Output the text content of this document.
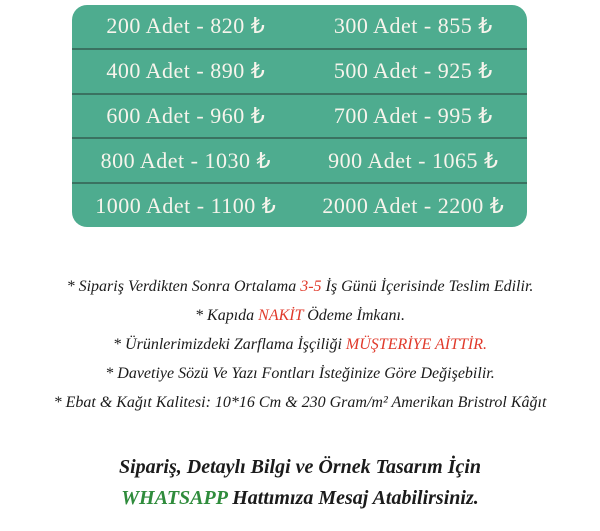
200 Adet - 820 ₺	300 Adet - 855 ₺
400 Adet - 890 ₺	500 Adet - 925 ₺
600 Adet - 960 ₺	700 Adet - 995 ₺
800 Adet - 1030 ₺	900 Adet - 1065 ₺
1000 Adet - 1100 ₺	2000 Adet - 2200 ₺

* Sipariş Verdikten Sonra Ortalama 3-5 İş Günü İçerisinde Teslim Edilir.

* Kapıda NAKİT Ödeme İmkanı.

* Ürünlerimizdeki Zarflama İşçiliği MÜŞTERİYE AİTTİR.

* Davetiye Sözü Ve Yazı Fontları İsteğinize Göre Değişebilir.

* Ebat & Kağıt Kalitesi: 10*16 Cm & 230 Gram/m² Amerikan Bristrol Kâğıt

Sipariş, Detaylı Bilgi ve Örnek Tasarım İçin

WHATSAPP Hattımıza Mesaj Atabilirsiniz.
